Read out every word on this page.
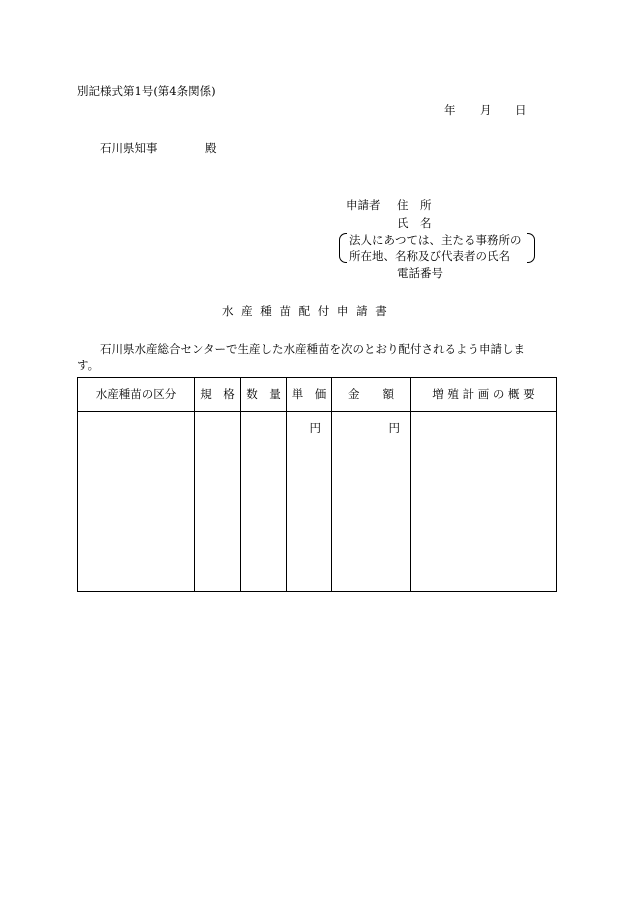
別記様式第1号(第4条関係)
年 月 日
石川県知事	殿
申請者 住　所
氏　名
法人にあつては、主たる事務所の
所在地、名称及び代表者の氏名
電話番号
水 産 種 苗 配 付 申 請 書
石川県水産総合センターで生産した水産種苗を次のとおり配付されるよう申請しま
す。
水産種苗の区分	規　格	数　量	単　価	金　　額	増 殖 計 画 の 概 要

			円	円	
